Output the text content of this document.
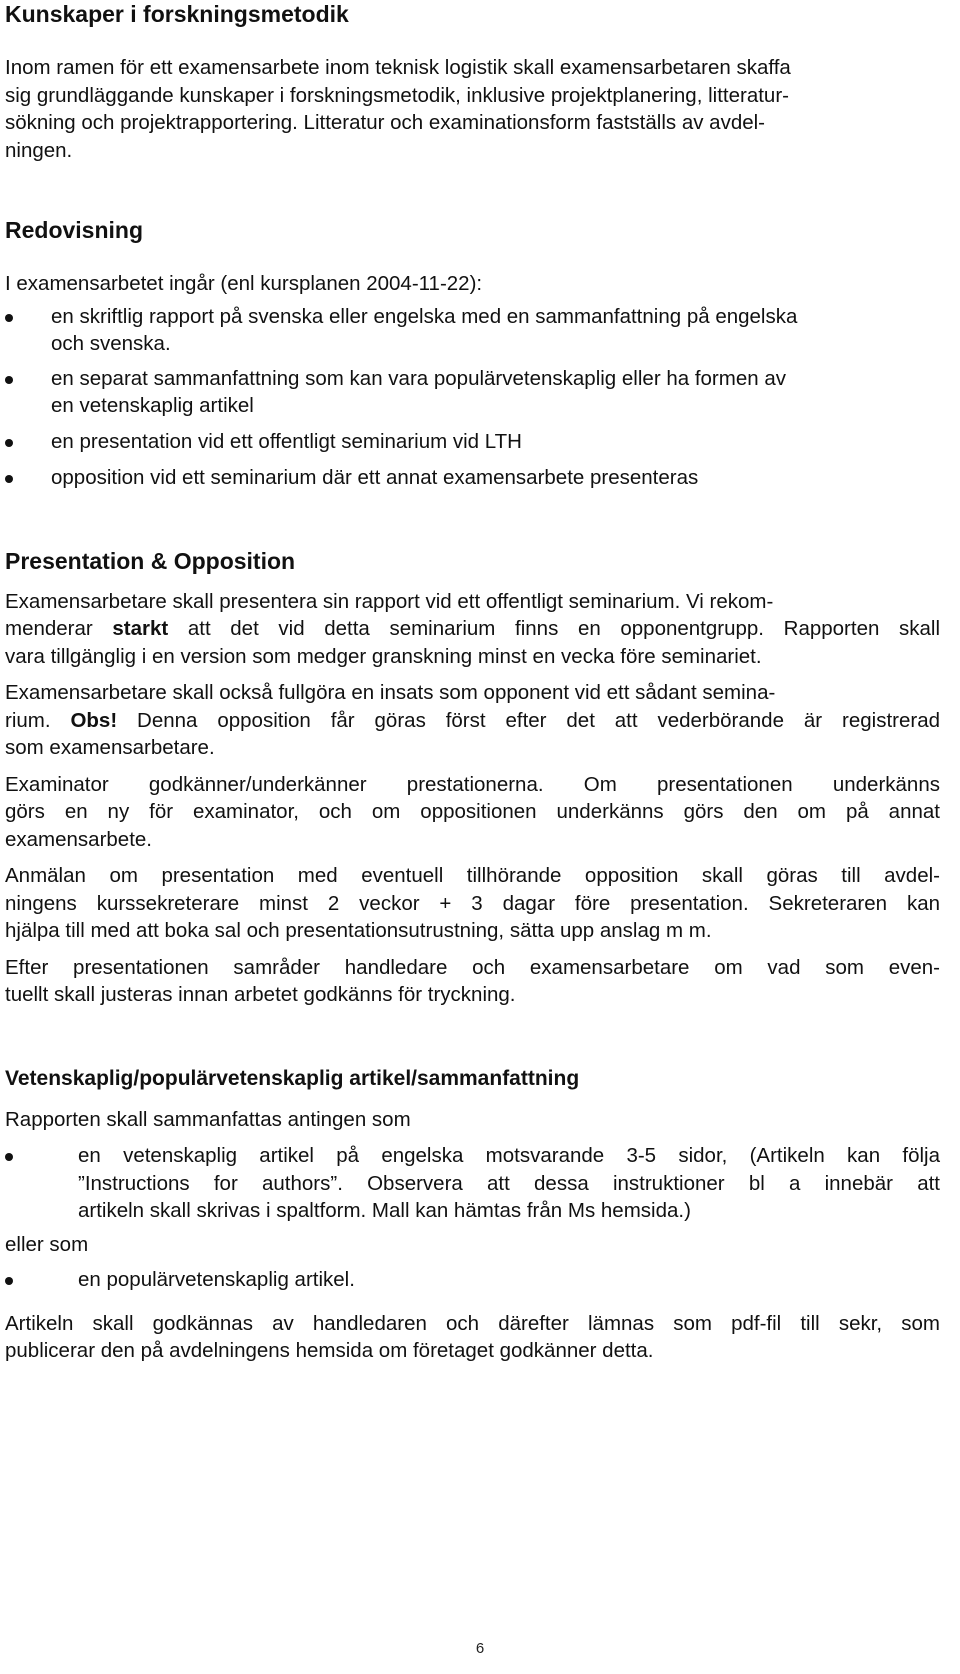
Kunskaper i forskningsmetodik

Inom ramen för ett examensarbete inom teknisk logistik skall examensarbetaren skaffa

sig grundläggande kunskaper i forskningsmetodik, inklusive projektplanering, litteratur-

sökning och projektrapportering. Litteratur och examinationsform fastställs av avdel-

ningen.

Redovisning

I examensarbetet ingår (enl kursplanen 2004-11-22):

en skriftlig rapport på svenska eller engelska med en sammanfattning på engelska
och svenska.
en separat sammanfattning som kan vara populärvetenskaplig eller ha formen av
en vetenskaplig artikel
en presentation vid ett offentligt seminarium vid LTH
opposition vid ett seminarium där ett annat examensarbete presenteras
Presentation & Opposition

Examensarbetare skall presentera sin rapport vid ett offentligt seminarium. Vi rekom-

menderar starkt att det vid detta seminarium finns en opponentgrupp. Rapporten skall

vara tillgänglig i en version som medger granskning minst en vecka före seminariet.

Examensarbetare skall också fullgöra en insats som opponent vid ett sådant semina-

rium. Obs! Denna opposition får göras först efter det att vederbörande är registrerad

som examensarbetare.

Examinator godkänner/underkänner prestationerna. Om presentationen underkänns

görs en ny för examinator, och om oppositionen underkänns görs den om på annat

examensarbete.

Anmälan om presentation med eventuell tillhörande opposition skall göras till avdel-

ningens kurssekreterare minst 2 veckor + 3 dagar före presentation. Sekreteraren kan

hjälpa till med att boka sal och presentationsutrustning, sätta upp anslag m m.

Efter presentationen samråder handledare och examensarbetare om vad som even-

tuellt skall justeras innan arbetet godkänns för tryckning.

Vetenskaplig/populärvetenskaplig artikel/sammanfattning

Rapporten skall sammanfattas antingen som

en vetenskaplig artikel på engelska motsvarande 3-5 sidor, (Artikeln kan följa
”Instructions for authors”. Observera att dessa instruktioner bl a innebär att
artikeln skall skrivas i spaltform. Mall kan hämtas från Ms hemsida.)

eller som

en populärvetenskaplig artikel.

Artikeln skall godkännas av handledaren och därefter lämnas som pdf-fil till sekr, som

publicerar den på avdelningens hemsida om företaget godkänner detta.

6
